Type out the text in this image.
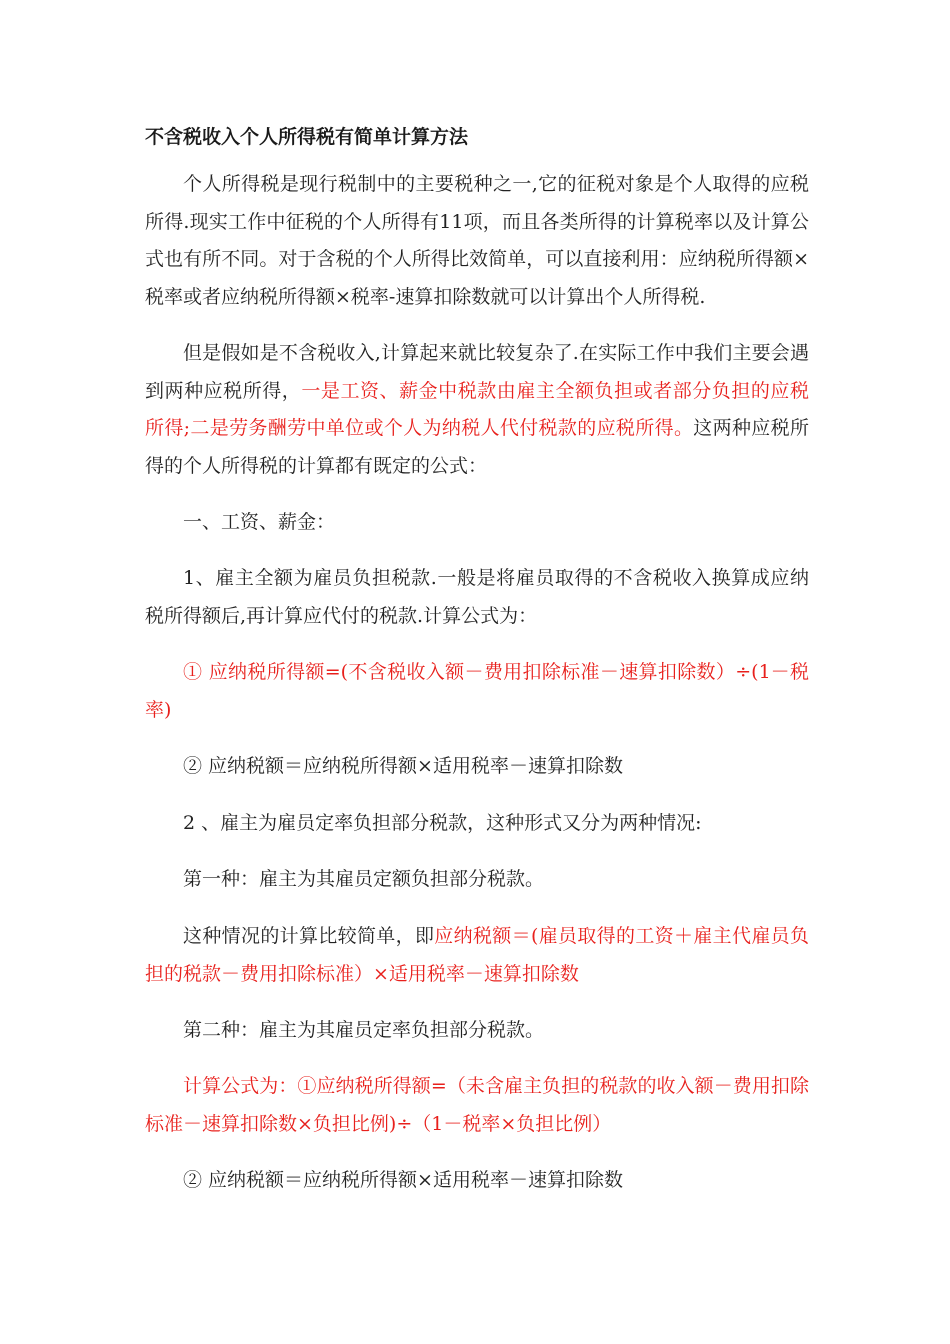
不含税收入个人所得税有简单计算方法

个人所得税是现行税制中的主要税种之一,它的征税对象是个人取得的应税所得.现实工作中征税的个人所得有11项，而且各类所得的计算税率以及计算公式也有所不同。对于含税的个人所得比效简单，可以直接利用：应纳税所得额×税率或者应纳税所得额×税率-速算扣除数就可以计算出个人所得税.

但是假如是不含税收入,计算起来就比较复杂了.在实际工作中我们主要会遇到两种应税所得，一是工资、薪金中税款由雇主全额负担或者部分负担的应税所得;二是劳务酬劳中单位或个人为纳税人代付税款的应税所得。这两种应税所得的个人所得税的计算都有既定的公式：

一、工资、薪金：

1、雇主全额为雇员负担税款.一般是将雇员取得的不含税收入换算成应纳税所得额后,再计算应代付的税款.计算公式为：

① 应纳税所得额=(不含税收入额－费用扣除标准－速算扣除数）÷(1－税率)

② 应纳税额＝应纳税所得额×适用税率－速算扣除数

2 、雇主为雇员定率负担部分税款，这种形式又分为两种情况:

第一种：雇主为其雇员定额负担部分税款。

这种情况的计算比较简单，即应纳税额＝(雇员取得的工资＋雇主代雇员负担的税款－费用扣除标准）×适用税率－速算扣除数

第二种：雇主为其雇员定率负担部分税款。

计算公式为：①应纳税所得额=（未含雇主负担的税款的收入额－费用扣除标准－速算扣除数×负担比例)÷（1－税率×负担比例）

② 应纳税额＝应纳税所得额×适用税率－速算扣除数
